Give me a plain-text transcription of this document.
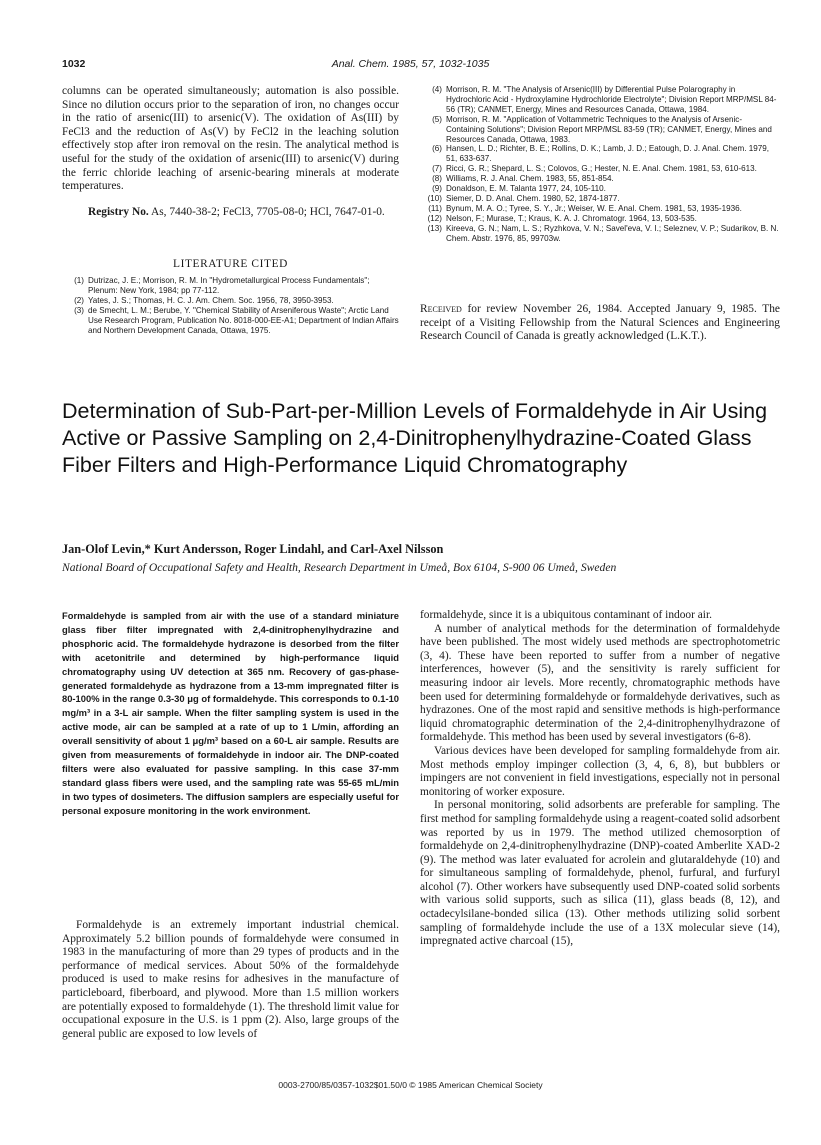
1032	Anal. Chem. 1985, 57, 1032-1035

columns can be operated simultaneously; automation is also possible. Since no dilution occurs prior to the separation of iron, no changes occur in the ratio of arsenic(III) to arsenic(V). The oxidation of As(III) by FeCl3 and the reduction of As(V) by FeCl2 in the leaching solution effectively stop after iron removal on the resin. The analytical method is useful for the study of the oxidation of arsenic(III) to arsenic(V) during the ferric chloride leaching of arsenic-bearing minerals at moderate temperatures.

Registry No. As, 7440-38-2; FeCl3, 7705-08-0; HCl, 7647-01-0.

LITERATURE CITED
(1) Dutrizac, J. E.; Morrison, R. M. In "Hydrometallurgical Process Fundamentals"; Plenum: New York, 1984; pp 77-112.
(2) Yates, J. S.; Thomas, H. C. J. Am. Chem. Soc. 1956, 78, 3950-3953.
(3) de Smecht, L. M.; Berube, Y. "Chemical Stability of Arseniferous Waste"; Arctic Land Use Research Program, Publication No. 8018-000-EE-A1; Department of Indian Affairs and Northern Development Canada, Ottawa, 1975.
(4) Morrison, R. M. "The Analysis of Arsenic(III) by Differential Pulse Polarography in Hydrochloric Acid - Hydroxylamine Hydrochloride Electrolyte"; Division Report MRP/MSL 84-56 (TR); CANMET, Energy, Mines and Resources Canada, Ottawa, 1984.
(5) Morrison, R. M. "Application of Voltammetric Techniques to the Analysis of Arsenic-Containing Solutions"; Division Report MRP/MSL 83-59 (TR); CANMET, Energy, Mines and Resources Canada, Ottawa, 1983.
(6) Hansen, L. D.; Richter, B. E.; Rollins, D. K.; Lamb, J. D.; Eatough, D. J. Anal. Chem. 1979, 51, 633-637.
(7) Ricci, G. R.; Shepard, L. S.; Colovos, G.; Hester, N. E. Anal. Chem. 1981, 53, 610-613.
(8) Williams, R. J. Anal. Chem. 1983, 55, 851-854.
(9) Donaldson, E. M. Talanta 1977, 24, 105-110.
(10) Siemer, D. D. Anal. Chem. 1980, 52, 1874-1877.
(11) Bynum, M. A. O.; Tyree, S. Y., Jr.; Weiser, W. E. Anal. Chem. 1981, 53, 1935-1936.
(12) Nelson, F.; Murase, T.; Kraus, K. A. J. Chromatogr. 1964, 13, 503-535.
(13) Kireeva, G. N.; Nam, L. S.; Ryzhkova, V. N.; Savel'eva, V. I.; Seleznev, V. P.; Sudarikov, B. N. Chem. Abstr. 1976, 85, 99703w.
Received for review November 26, 1984. Accepted January 9, 1985. The receipt of a Visiting Fellowship from the Natural Sciences and Engineering Research Council of Canada is greatly acknowledged (L.K.T.).
Determination of Sub-Part-per-Million Levels of Formaldehyde in Air Using Active or Passive Sampling on 2,4-Dinitrophenylhydrazine-Coated Glass Fiber Filters and High-Performance Liquid Chromatography
Jan-Olof Levin,* Kurt Andersson, Roger Lindahl, and Carl-Axel Nilsson
National Board of Occupational Safety and Health, Research Department in Umeå, Box 6104, S-900 06 Umeå, Sweden
Formaldehyde is sampled from air with the use of a standard miniature glass fiber filter impregnated with 2,4-dinitrophenylhydrazine and phosphoric acid. The formaldehyde hydrazone is desorbed from the filter with acetonitrile and determined by high-performance liquid chromatography using UV detection at 365 nm. Recovery of gas-phase-generated formaldehyde as hydrazone from a 13-mm impregnated filter is 80-100% in the range 0.3-30 μg of formaldehyde. This corresponds to 0.1-10 mg/m³ in a 3-L air sample. When the filter sampling system is used in the active mode, air can be sampled at a rate of up to 1 L/min, affording an overall sensitivity of about 1 μg/m³ based on a 60-L air sample. Results are given from measurements of formaldehyde in indoor air. The DNP-coated filters were also evaluated for passive sampling. In this case 37-mm standard glass fibers were used, and the sampling rate was 55-65 mL/min in two types of dosimeters. The diffusion samplers are especially useful for personal exposure monitoring in the work environment.
Formaldehyde is an extremely important industrial chemical. Approximately 5.2 billion pounds of formaldehyde were consumed in 1983 in the manufacturing of more than 29 types of products and in the performance of medical services. About 50% of the formaldehyde produced is used to make resins for adhesives in the manufacture of particleboard, fiberboard, and plywood. More than 1.5 million workers are potentially exposed to formaldehyde (1). The threshold limit value for occupational exposure in the U.S. is 1 ppm (2). Also, large groups of the general public are exposed to low levels of

formaldehyde, since it is a ubiquitous contaminant of indoor air.

A number of analytical methods for the determination of formaldehyde have been published. The most widely used methods are spectrophotometric (3, 4). These have been reported to suffer from a number of negative interferences, however (5), and the sensitivity is rarely sufficient for measuring indoor air levels. More recently, chromatographic methods have been used for determining formaldehyde or formaldehyde derivatives, such as hydrazones. One of the most rapid and sensitive methods is high-performance liquid chromatographic determination of the 2,4-dinitrophenylhydrazone of formaldehyde. This method has been used by several investigators (6-8).

Various devices have been developed for sampling formaldehyde from air. Most methods employ impinger collection (3, 4, 6, 8), but bubblers or impingers are not convenient in field investigations, especially not in personal monitoring of worker exposure.

In personal monitoring, solid adsorbents are preferable for sampling. The first method for sampling formaldehyde using a reagent-coated solid adsorbent was reported by us in 1979. The method utilized chemosorption of formaldehyde on 2,4-dinitrophenylhydrazine (DNP)-coated Amberlite XAD-2 (9). The method was later evaluated for acrolein and glutaraldehyde (10) and for simultaneous sampling of formaldehyde, phenol, furfural, and furfuryl alcohol (7). Other workers have subsequently used DNP-coated solid sorbents with various solid supports, such as silica (11), glass beads (8, 12), and octadecylsilane-bonded silica (13). Other methods utilizing solid sorbent sampling of formaldehyde include the use of a 13X molecular sieve (14), impregnated active charcoal (15),

0003-2700/85/0357-1032$01.50/0 © 1985 American Chemical Society
